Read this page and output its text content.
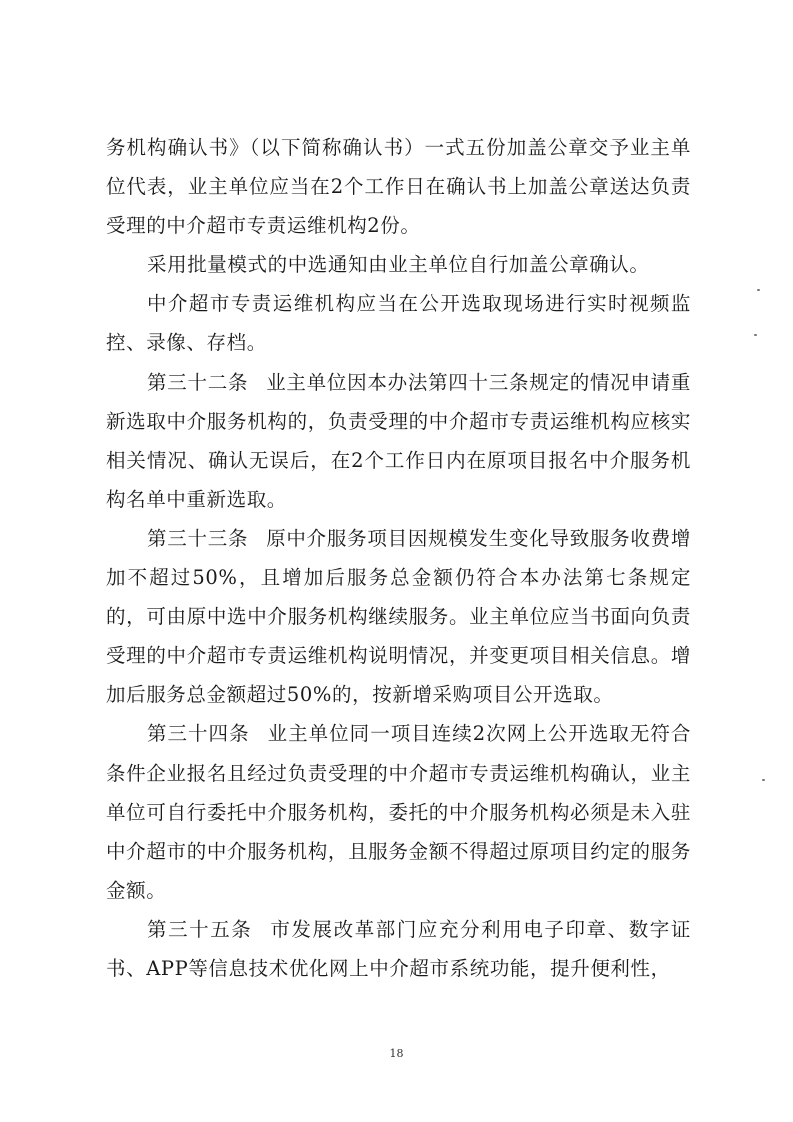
务机构确认书》（以下简称确认书）一式五份加盖公章交予业主单位代表，业主单位应当在2个工作日在确认书上加盖公章送达负责受理的中介超市专责运维机构2份。

采用批量模式的中选通知由业主单位自行加盖公章确认。

中介超市专责运维机构应当在公开选取现场进行实时视频监控、录像、存档。

第三十二条 业主单位因本办法第四十三条规定的情况申请重新选取中介服务机构的，负责受理的中介超市专责运维机构应核实相关情况、确认无误后，在2个工作日内在原项目报名中介服务机构名单中重新选取。

第三十三条 原中介服务项目因规模发生变化导致服务收费增加不超过50%，且增加后服务总金额仍符合本办法第七条规定的，可由原中选中介服务机构继续服务。业主单位应当书面向负责受理的中介超市专责运维机构说明情况，并变更项目相关信息。增加后服务总金额超过50%的，按新增采购项目公开选取。

第三十四条 业主单位同一项目连续2次网上公开选取无符合条件企业报名且经过负责受理的中介超市专责运维机构确认，业主单位可自行委托中介服务机构，委托的中介服务机构必须是未入驻中介超市的中介服务机构，且服务金额不得超过原项目约定的服务金额。

第三十五条 市发展改革部门应充分利用电子印章、数字证书、APP等信息技术优化网上中介超市系统功能，提升便利性，

18
